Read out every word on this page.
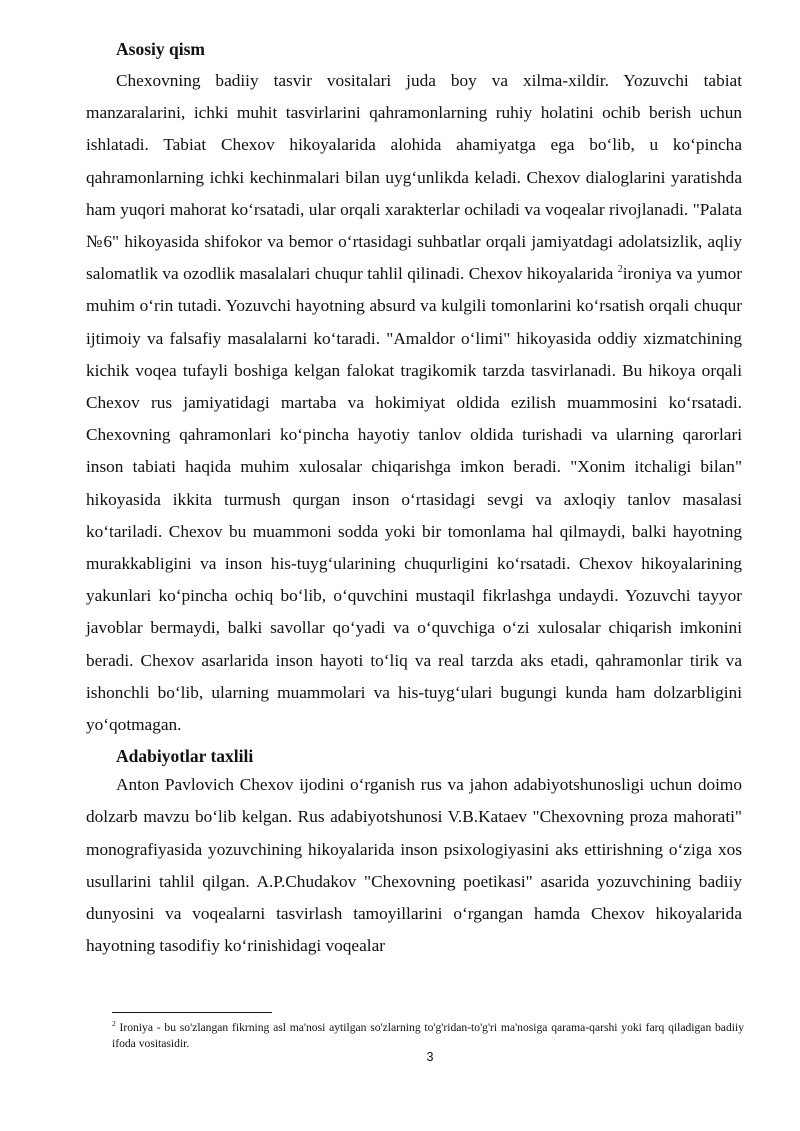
Asosiy qism

Chexovning badiiy tasvir vositalari juda boy va xilma-xildir. Yozuvchi tabiat manzaralarini, ichki muhit tasvirlarini qahramonlarning ruhiy holatini ochib berish uchun ishlatadi. Tabiat Chexov hikoyalarida alohida ahamiyatga ega bo‘lib, u ko‘pincha qahramonlarning ichki kechinmalari bilan uyg‘unlikda keladi. Chexov dialoglarini yaratishda ham yuqori mahorat ko‘rsatadi, ular orqali xarakterlar ochiladi va voqealar rivojlanadi. "Palata №6" hikoyasida shifokor va bemor o‘rtasidagi suhbatlar orqali jamiyatdagi adolatsizlik, aqliy salomatlik va ozodlik masalalari chuqur tahlil qilinadi. Chexov hikoyalarida $^2$ironiya va yumor muhim o‘rin tutadi. Yozuvchi hayotning absurd va kulgili tomonlarini ko‘rsatish orqali chuqur ijtimoiy va falsafiy masalalarni ko‘taradi. "Amaldor o‘limi" hikoyasida oddiy xizmatchining kichik voqea tufayli boshiga kelgan falokat tragikomik tarzda tasvirlanadi. Bu hikoya orqali Chexov rus jamiyatidagi martaba va hokimiyat oldida ezilish muammosini ko‘rsatadi. Chexovning qahramonlari ko‘pincha hayotiy tanlov oldida turishadi va ularning qarorlari inson tabiati haqida muhim xulosalar chiqarishga imkon beradi. "Xonim itchaligi bilan" hikoyasida ikkita turmush qurgan inson o‘rtasidagi sevgi va axloqiy tanlov masalasi ko‘tariladi. Chexov bu muammoni sodda yoki bir tomonlama hal qilmaydi, balki hayotning murakkabligini va inson his-tuyg‘ularining chuqurligini ko‘rsatadi. Chexov hikoyalarining yakunlari ko‘pincha ochiq bo‘lib, o‘quvchini mustaqil fikrlashga undaydi. Yozuvchi tayyor javoblar bermaydi, balki savollar qo‘yadi va o‘quvchiga o‘zi xulosalar chiqarish imkonini beradi. Chexov asarlarida inson hayoti to‘liq va real tarzda aks etadi, qahramonlar tirik va ishonchli bo‘lib, ularning muammolari va his-tuyg‘ulari bugungi kunda ham dolzarbligini yo‘qotmagan.

Adabiyotlar taxlili

Anton Pavlovich Chexov ijodini o‘rganish rus va jahon adabiyotshunosligi uchun doimo dolzarb mavzu bo‘lib kelgan. Rus adabiyotshunosi V.B.Kataev "Chexovning proza mahorati" monografiyasida yozuvchining hikoyalarida inson psixologiyasini aks ettirishning o‘ziga xos usullarini tahlil qilgan. A.P.Chudakov "Chexovning poetikasi" asarida yozuvchining badiiy dunyosini va voqealarni tasvirlash tamoyillarini o‘rgangan hamda Chexov hikoyalarida hayotning tasodifiy ko‘rinishidagi voqealar

$^2$ Ironiya - bu so'zlangan fikrning asl ma'nosi aytilgan so'zlarning to'g'ridan-to'g'ri ma'nosiga qarama-qarshi yoki farq qiladigan badiiy ifoda vositasidir.

3
